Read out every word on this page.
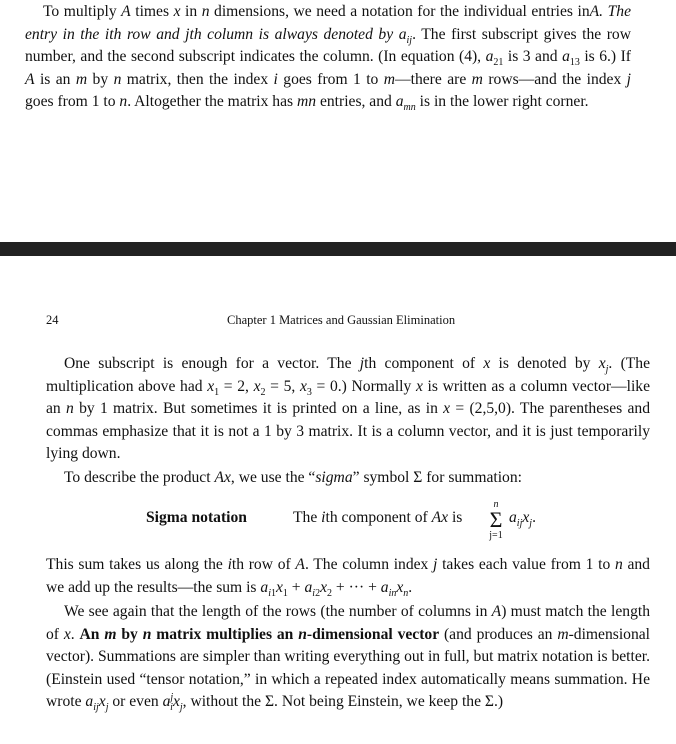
To multiply A times x in n dimensions, we need a notation for the individual entries inA. The entry in the ith row and jth column is always denoted by $a_{ij}$. The first subscript gives the row number, and the second subscript indicates the column. (In equation (4), $a_{21}$ is 3 and $a_{13}$ is 6.) If A is an m by n matrix, then the index i goes from 1 to m—there are m rows—and the index j goes from 1 to n. Altogether the matrix has mn entries, and $a_{mn}$ is in the lower right corner.

24	Chapter 1 Matrices and Gaussian Elimination

One subscript is enough for a vector. The jth component of x is denoted by $x_j$. (The multiplication above had $x_1 = 2$, $x_2 = 5$, $x_3 = 0$.) Normally x is written as a column vector—like an n by 1 matrix. But sometimes it is printed on a line, as in x = (2,5,0). The parentheses and commas emphasize that it is not a 1 by 3 matrix. It is a column vector, and it is just temporarily lying down.

To describe the product Ax, we use the “sigma” symbol Σ for summation:

Sigma notation	The ith component of Ax is
n
Σ
j=1
$a_{ij}x_j$.

This sum takes us along the ith row of A. The column index j takes each value from 1 to n and we add up the results—the sum is $a_{i1}x_1 + a_{i2}x_2$ + ··· + $a_{in}x_n$.

We see again that the length of the rows (the number of columns in A) must match the length of x. An m by n matrix multiplies an n-dimensional vector (and produces an m-dimensional vector). Summations are simpler than writing everything out in full, but matrix notation is better. (Einstein used “tensor notation,” in which a repeated index automatically means summation. He wrote $a_{ij}x_j$ or even $a^j_ix_j$, without the Σ. Not being Einstein, we keep the Σ.)
